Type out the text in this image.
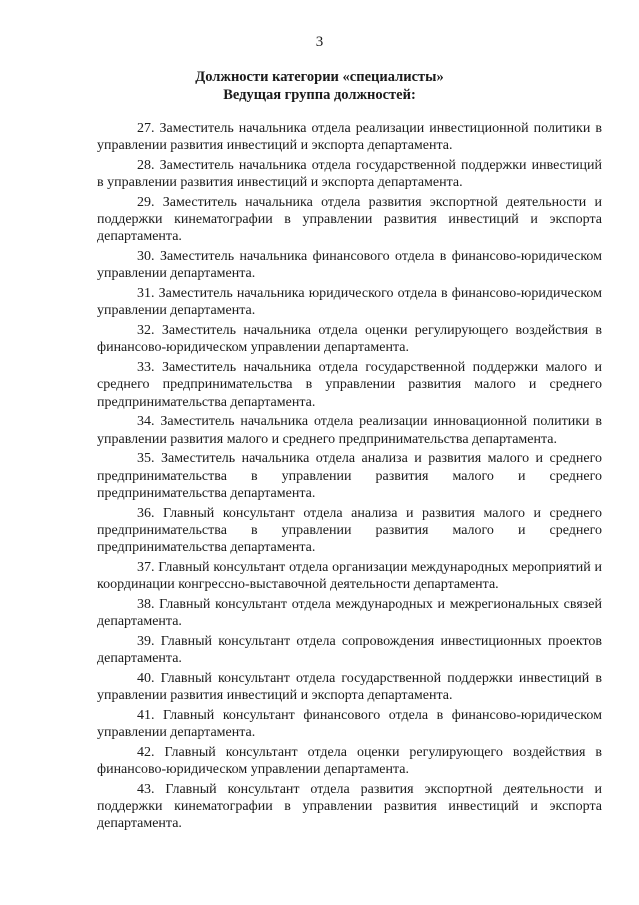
3
Должности категории «специалисты»
Ведущая группа должностей:

27. Заместитель начальника отдела реализации инвестиционной политики в управлении развития инвестиций и экспорта департамента.

28. Заместитель начальника отдела государственной поддержки инвестиций в управлении развития инвестиций и экспорта департамента.

29. Заместитель начальника отдела развития экспортной деятельности и поддержки кинематографии в управлении развития инвестиций и экспорта департамента.

30. Заместитель начальника финансового отдела в финансово-юридическом управлении департамента.

31. Заместитель начальника юридического отдела в финансово-юридическом управлении департамента.

32. Заместитель начальника отдела оценки регулирующего воздействия в финансово-юридическом управлении департамента.

33. Заместитель начальника отдела государственной поддержки малого и среднего предпринимательства в управлении развития малого и среднего предпринимательства департамента.

34. Заместитель начальника отдела реализации инновационной политики в управлении развития малого и среднего предпринимательства департамента.

35. Заместитель начальника отдела анализа и развития малого и среднего предпринимательства в управлении развития малого и среднего предпринимательства департамента.

36. Главный консультант отдела анализа и развития малого и среднего предпринимательства в управлении развития малого и среднего предпринимательства департамента.

37. Главный консультант отдела организации международных мероприятий и координации конгрессно-выставочной деятельности департамента.

38. Главный консультант отдела международных и межрегиональных связей департамента.

39. Главный консультант отдела сопровождения инвестиционных проектов департамента.

40. Главный консультант отдела государственной поддержки инвестиций в управлении развития инвестиций и экспорта департамента.

41. Главный консультант финансового отдела в финансово-юридическом управлении департамента.

42. Главный консультант отдела оценки регулирующего воздействия в финансово-юридическом управлении департамента.

43. Главный консультант отдела развития экспортной деятельности и поддержки кинематографии в управлении развития инвестиций и экспорта департамента.
